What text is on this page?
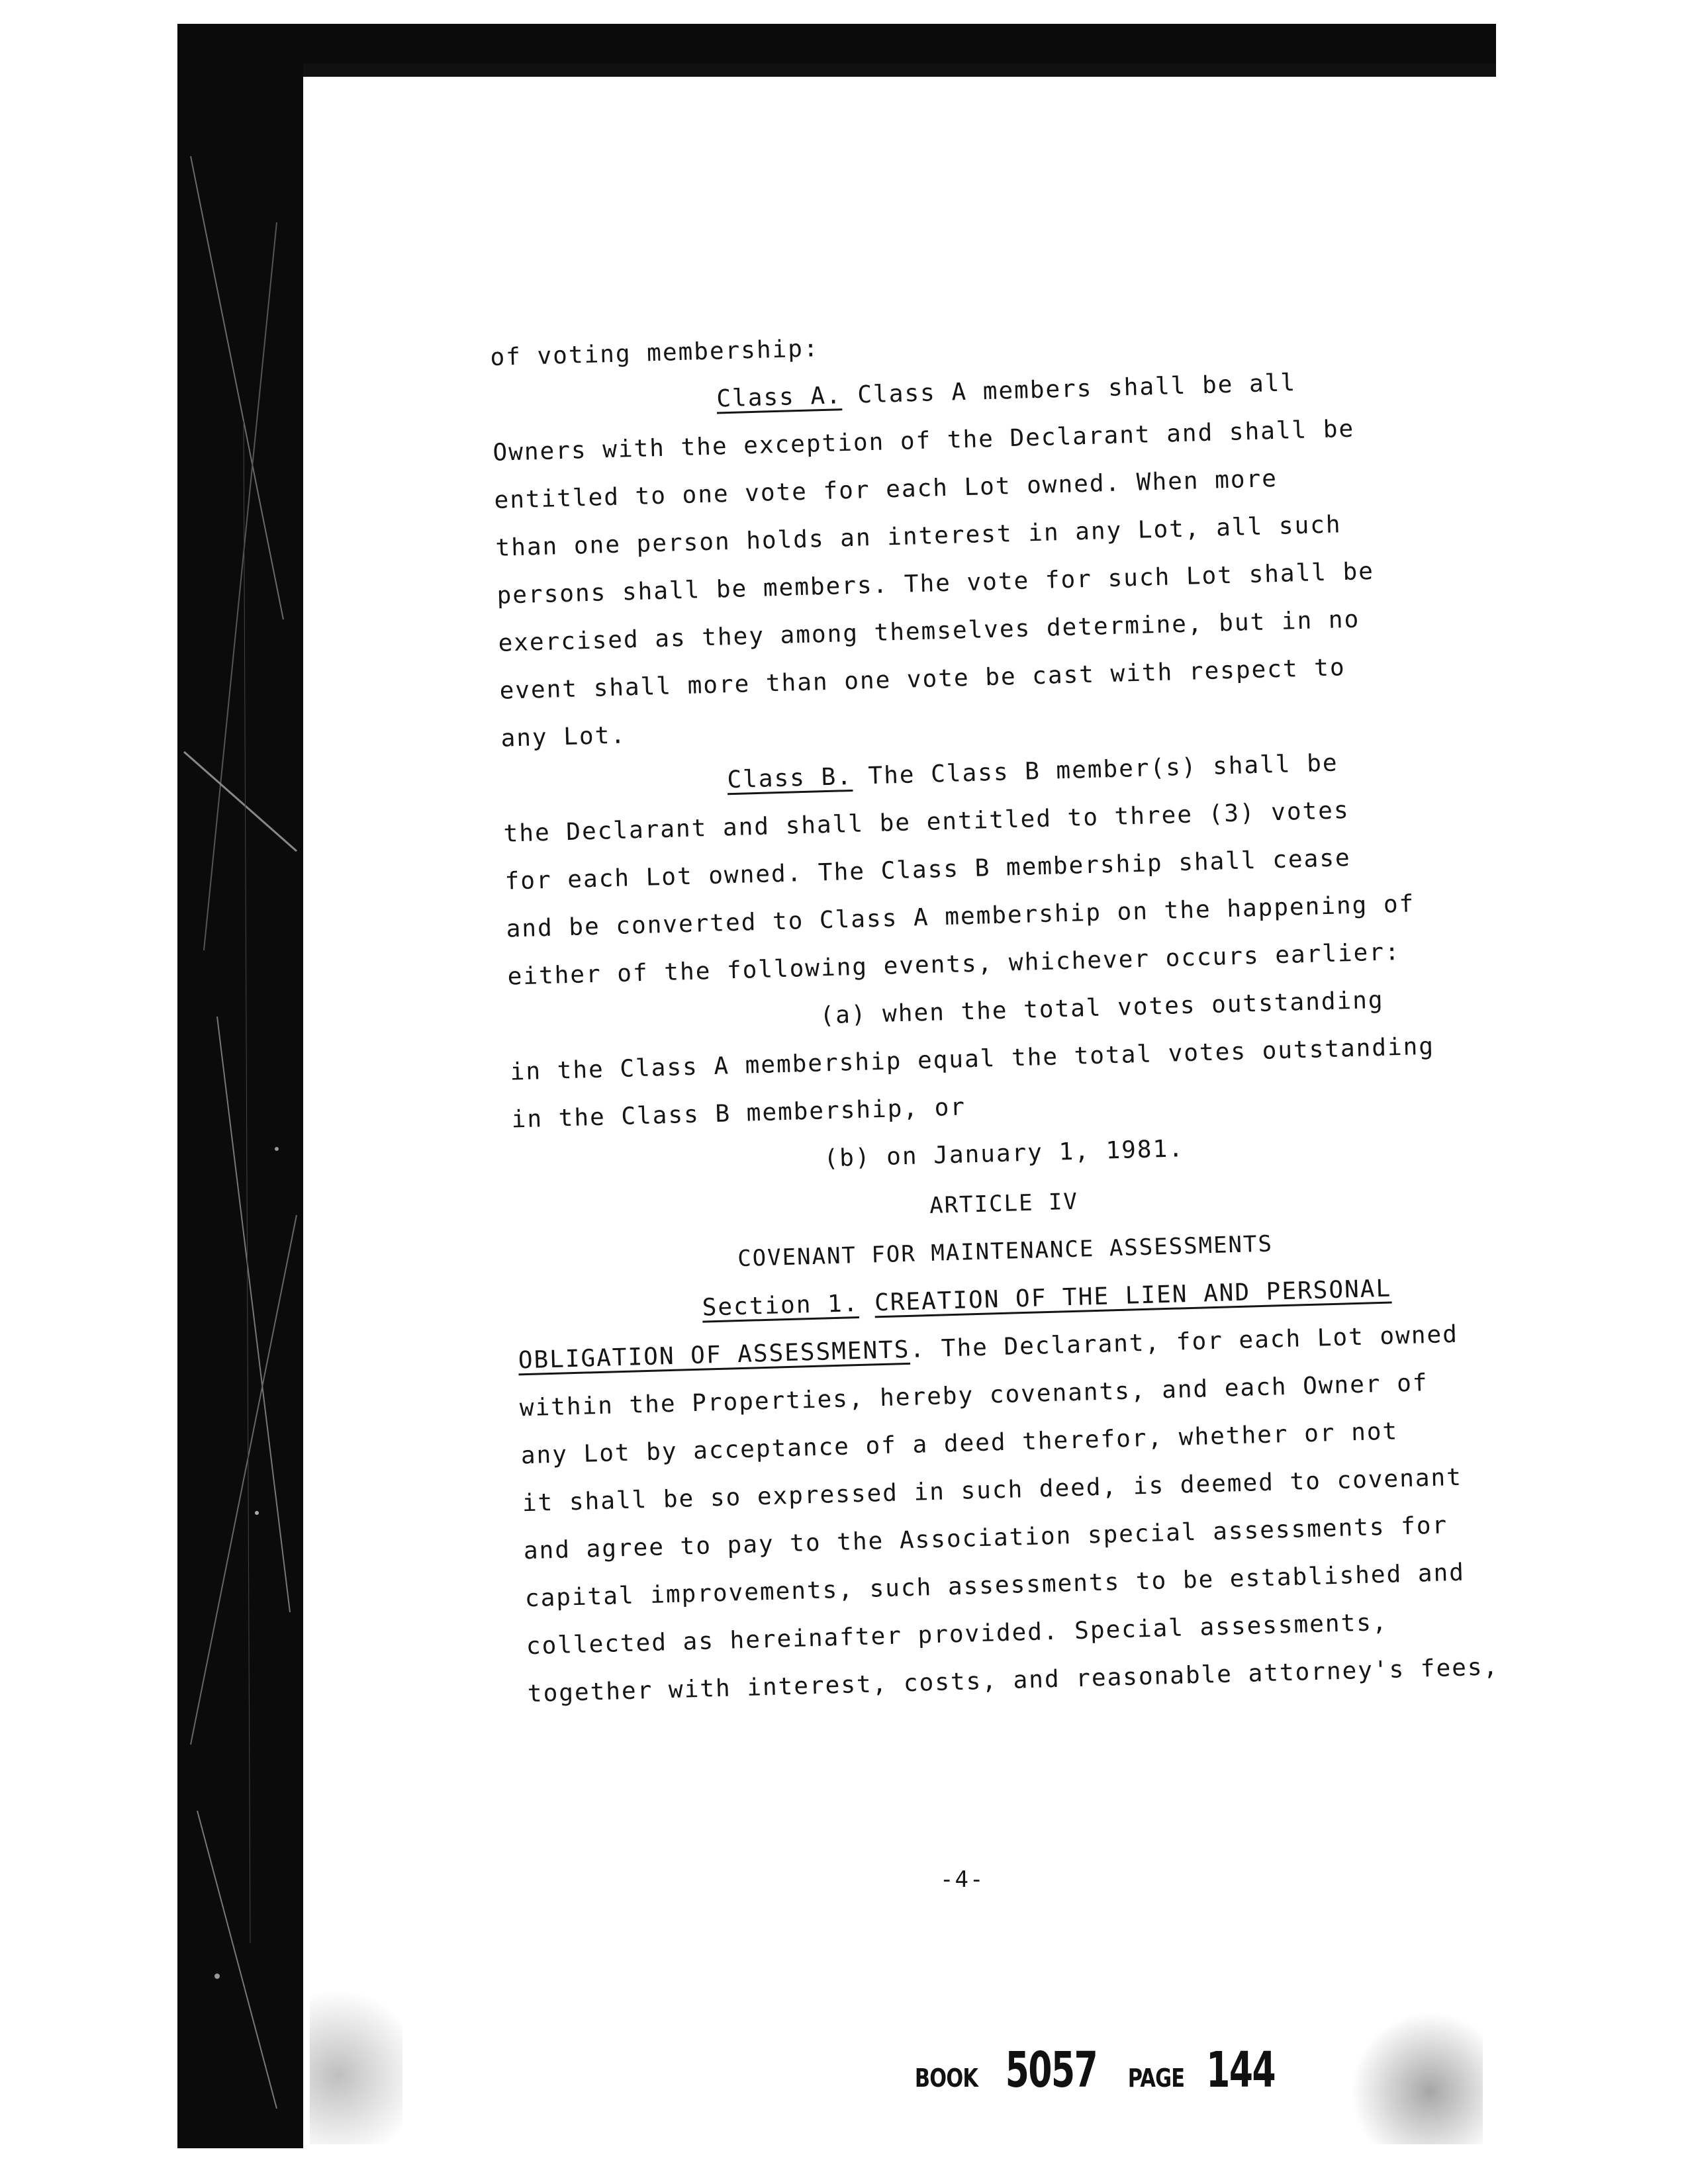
of voting membership:
Class A. Class A members shall be all
Owners with the exception of the Declarant and shall be
entitled to one vote for each Lot owned. When more
than one person holds an interest in any Lot, all such
persons shall be members. The vote for such Lot shall be
exercised as they among themselves determine, but in no
event shall more than one vote be cast with respect to
any Lot.
Class B. The Class B member(s) shall be
the Declarant and shall be entitled to three (3) votes
for each Lot owned. The Class B membership shall cease
and be converted to Class A membership on the happening of
either of the following events, whichever occurs earlier:
(a) when the total votes outstanding
in the Class A membership equal the total votes outstanding
in the Class B membership, or
(b) on January 1, 1981.
ARTICLE IV
COVENANT FOR MAINTENANCE ASSESSMENTS
Section 1. CREATION OF THE LIEN AND PERSONAL
OBLIGATION OF ASSESSMENTS. The Declarant, for each Lot owned
within the Properties, hereby covenants, and each Owner of
any Lot by acceptance of a deed therefor, whether or not
it shall be so expressed in such deed, is deemed to covenant
and agree to pay to the Association special assessments for
capital improvements, such assessments to be established and
collected as hereinafter provided. Special assessments,
together with interest, costs, and reasonable attorney's fees,
-4-
BOOK 5057 PAGE 144
